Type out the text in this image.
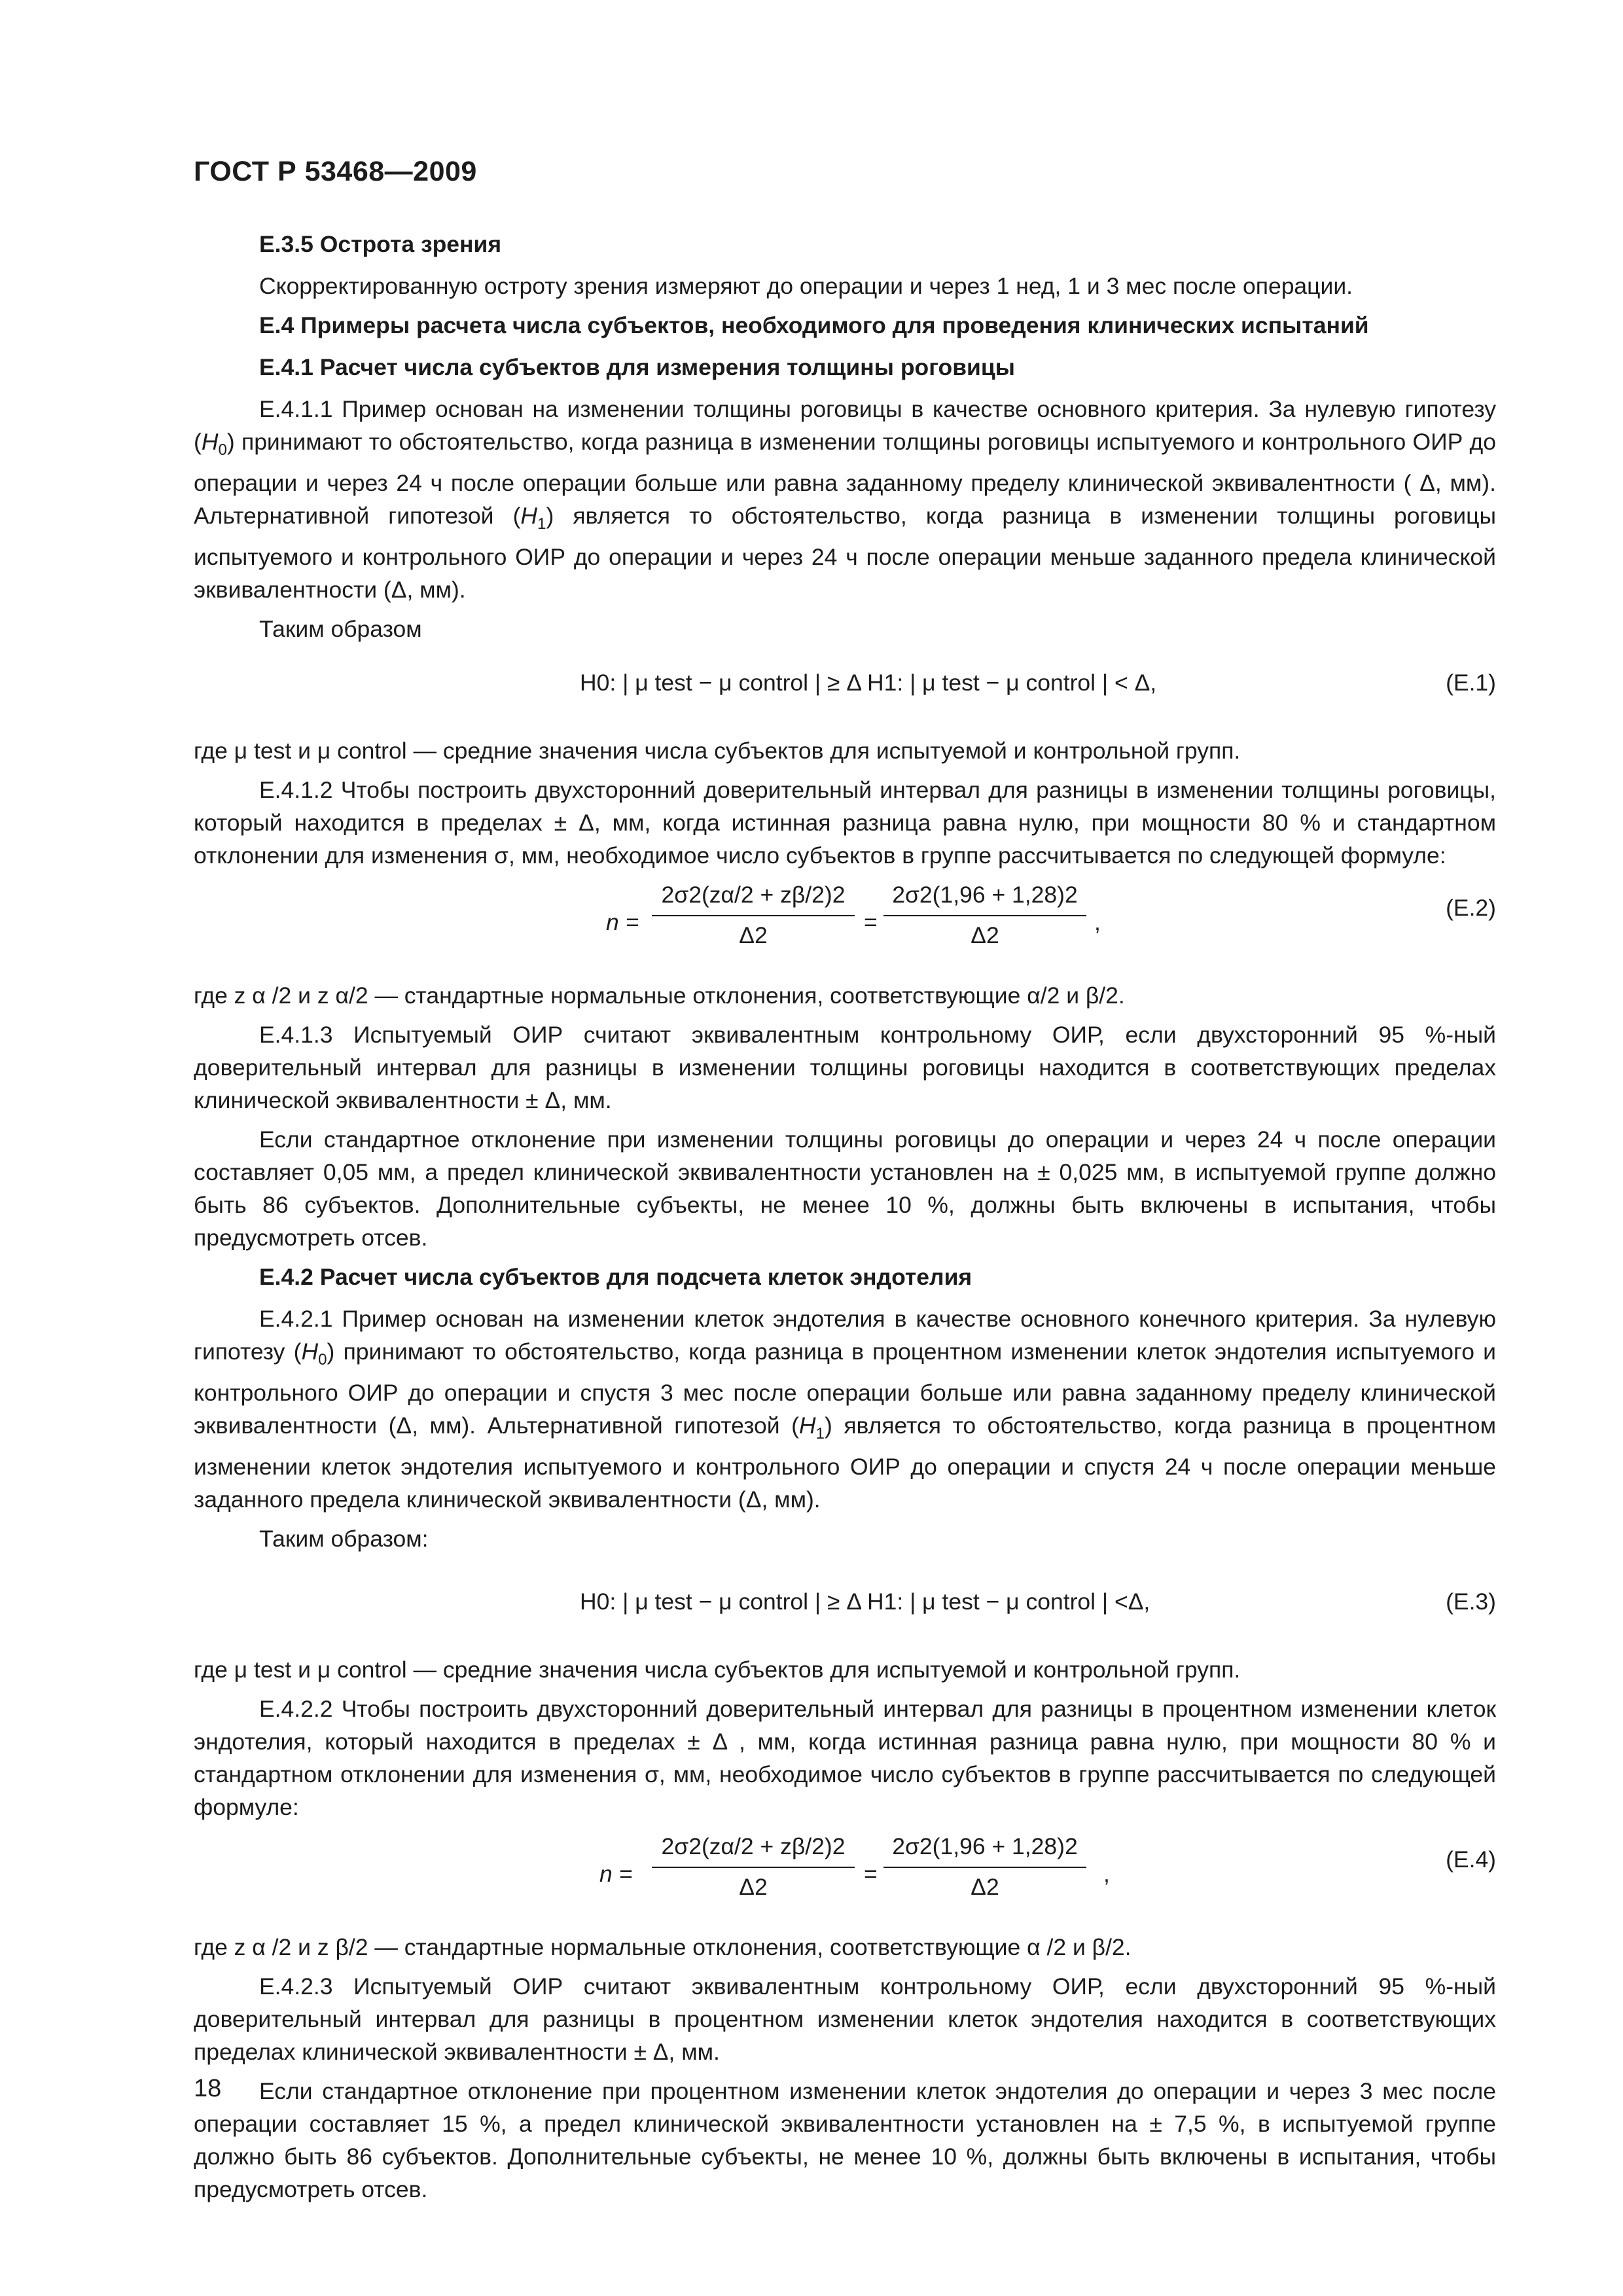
ГОСТ Р 53468—2009
Е.3.5 Острота зрения
Скорректированную остроту зрения измеряют до операции и через 1 нед, 1 и 3 мес после операции.
Е.4 Примеры расчета числа субъектов, необходимого для проведения клинических испытаний
Е.4.1 Расчет числа субъектов для измерения толщины роговицы
Е.4.1.1 Пример основан на изменении толщины роговицы в качестве основного критерия. За нулевую гипотезу $(H_0)$ принимают то обстоятельство, когда разница в изменении толщины роговицы испытуемого и контрольного ОИР до операции и через 24 ч после операции больше или равна заданному пределу клинической эквивалентности ( Δ, мм). Альтернативной гипотезой $(H_1)$ является то обстоятельство, когда разница в изменении толщины роговицы испытуемого и контрольного ОИР до операции и через 24 ч после операции меньше заданного предела клинической эквивалентности (Δ, мм).
Таким образом
H0: | μ test − μ control | ≥ Δ H1: | μ test − μ control | < Δ,	(Е.1)
где μ test и μ control — средние значения числа субъектов для испытуемой и контрольной групп.
Е.4.1.2 Чтобы построить двухсторонний доверительный интервал для разницы в изменении толщины роговицы, который находится в пределах ± Δ, мм, когда истинная разница равна нулю, при мощности 80 % и стандартном отклонении для изменения σ, мм, необходимое число субъектов в группе рассчитывается по следующей формуле:
$n = \frac{2\sigma 2(z\alpha/2 + z\beta/2)2}{\Delta 2} = \frac{2\sigma 2(1,96 + 1,28)2}{\Delta 2}$ ,
(Е.2)
где z α /2 и z α/2 — стандартные нормальные отклонения, соответствующие α/2 и β/2.
Е.4.1.3 Испытуемый ОИР считают эквивалентным контрольному ОИР, если двухсторонний 95 %-ный доверительный интервал для разницы в изменении толщины роговицы находится в соответствующих пределах клинической эквивалентности ± Δ, мм.
Если стандартное отклонение при изменении толщины роговицы до операции и через 24 ч после операции составляет 0,05 мм, а предел клинической эквивалентности установлен на ± 0,025 мм, в испытуемой группе должно быть 86 субъектов. Дополнительные субъекты, не менее 10 %, должны быть включены в испытания, чтобы предусмотреть отсев.
Е.4.2 Расчет числа субъектов для подсчета клеток эндотелия
Е.4.2.1 Пример основан на изменении клеток эндотелия в качестве основного конечного критерия. За нулевую гипотезу $(H_0)$ принимают то обстоятельство, когда разница в процентном изменении клеток эндотелия испытуемого и контрольного ОИР до операции и спустя 3 мес после операции больше или равна заданному пределу клинической эквивалентности (Δ, мм). Альтернативной гипотезой $(H_1)$ является то обстоятельство, когда разница в процентном изменении клеток эндотелия испытуемого и контрольного ОИР до операции и спустя 24 ч после операции меньше заданного предела клинической эквивалентности (Δ, мм).
Таким образом:
H0: | μ test − μ control | ≥ Δ H1: | μ test − μ control | <Δ,	(Е.3)
где μ test и μ control — средние значения числа субъектов для испытуемой и контрольной групп.
Е.4.2.2 Чтобы построить двухсторонний доверительный интервал для разницы в процентном изменении клеток эндотелия, который находится в пределах ± Δ , мм, когда истинная разница равна нулю, при мощности 80 % и стандартном отклонении для изменения σ, мм, необходимое число субъектов в группе рассчитывается по следующей формуле:
$n = \frac{2\sigma 2(z\alpha/2 + z\beta/2)2}{\Delta 2} = \frac{2\sigma 2(1,96 + 1,28)2}{\Delta 2}$ ,
(Е.4)
где z α /2 и z β/2 — стандартные нормальные отклонения, соответствующие α /2 и β/2.
Е.4.2.3 Испытуемый ОИР считают эквивалентным контрольному ОИР, если двухсторонний 95 %-ный доверительный интервал для разницы в процентном изменении клеток эндотелия находится в соответствующих пределах клинической эквивалентности ± Δ, мм.
Если стандартное отклонение при процентном изменении клеток эндотелия до операции и через 3 мес после операции составляет 15 %, а предел клинической эквивалентности установлен на ± 7,5 %, в испытуемой группе должно быть 86 субъектов. Дополнительные субъекты, не менее 10 %, должны быть включены в испытания, чтобы предусмотреть отсев.
18
